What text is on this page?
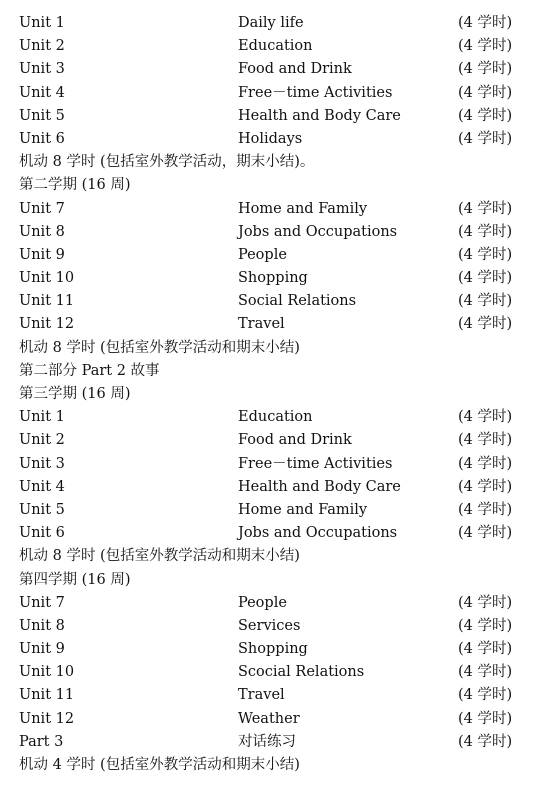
Unit 1	Daily life	(4 学时)
Unit 2	Education	(4 学时)
Unit 3	Food and Drink	(4 学时)
Unit 4	Free－time Activities	(4 学时)
Unit 5	Health and Body Care	(4 学时)
Unit 6	Holidays	(4 学时)
机动 8 学时 (包括室外教学活动，期末小结)。
第二学期 (16 周)
Unit 7	Home and Family	(4 学时)
Unit 8	Jobs and Occupations	(4 学时)
Unit 9	People	(4 学时)
Unit 10	Shopping	(4 学时)
Unit 11	Social Relations	(4 学时)
Unit 12	Travel	(4 学时)
机动 8 学时 (包括室外教学活动和期末小结)
第二部分 Part 2 故事
第三学期 (16 周)
Unit 1	Education	(4 学时)
Unit 2	Food and Drink	(4 学时)
Unit 3	Free－time Activities	(4 学时)
Unit 4	Health and Body Care	(4 学时)
Unit 5	Home and Family	(4 学时)
Unit 6	Jobs and Occupations	(4 学时)
机动 8 学时 (包括室外教学活动和期末小结)
第四学期 (16 周)
Unit 7	People	(4 学时)
Unit 8	Services	(4 学时)
Unit 9	Shopping	(4 学时)
Unit 10	Scocial Relations	(4 学时)
Unit 11	Travel	(4 学时)
Unit 12	Weather	(4 学时)
Part 3	对话练习	(4 学时)
机动 4 学时 (包括室外教学活动和期末小结)
